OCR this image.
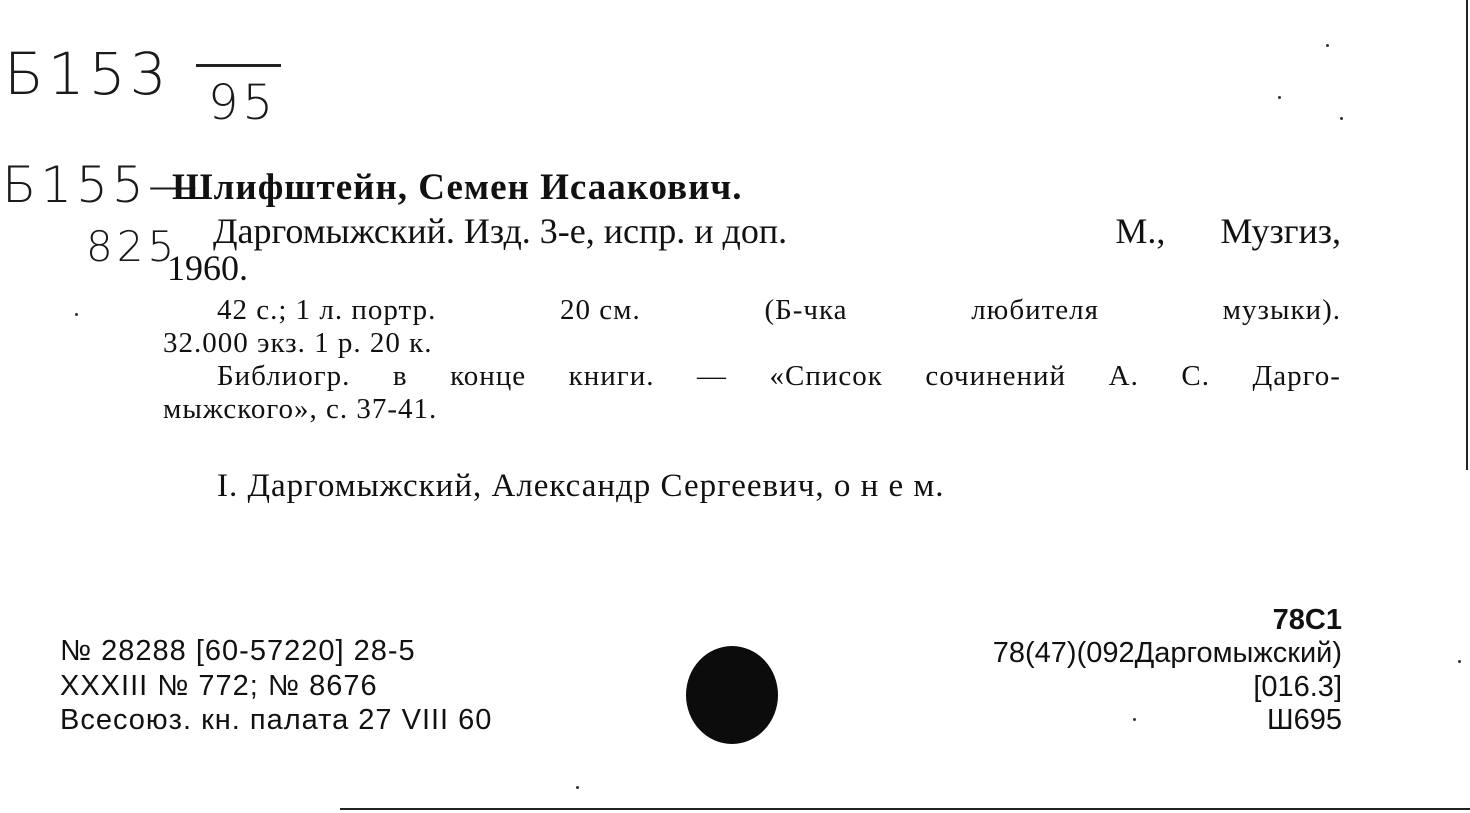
Б153 95
Б155—
825
Шлифштейн, Семен Исаакович.
Даргомыжский. Изд. 3-е, испр. и доп.	М., Музгиз,
1960.
42 с.; 1 л. портр.	20 см.	(Б-чка	любителя	музыки).
32.000 экз. 1 р. 20 к.
Библиогр. в конце книги. — «Список сочинений А. С. Дарго-
мыжского», с. 37-41.
I. Даргомыжский, Александр Сергеевич, о н е м.
№ 28288 [60-57220] 28-5
XXXIII № 772; № 8676
Всесоюз. кн. палата 27 VIII 60
78С1
78(47)(092Даргомыжский)
[016.3]
Ш695
